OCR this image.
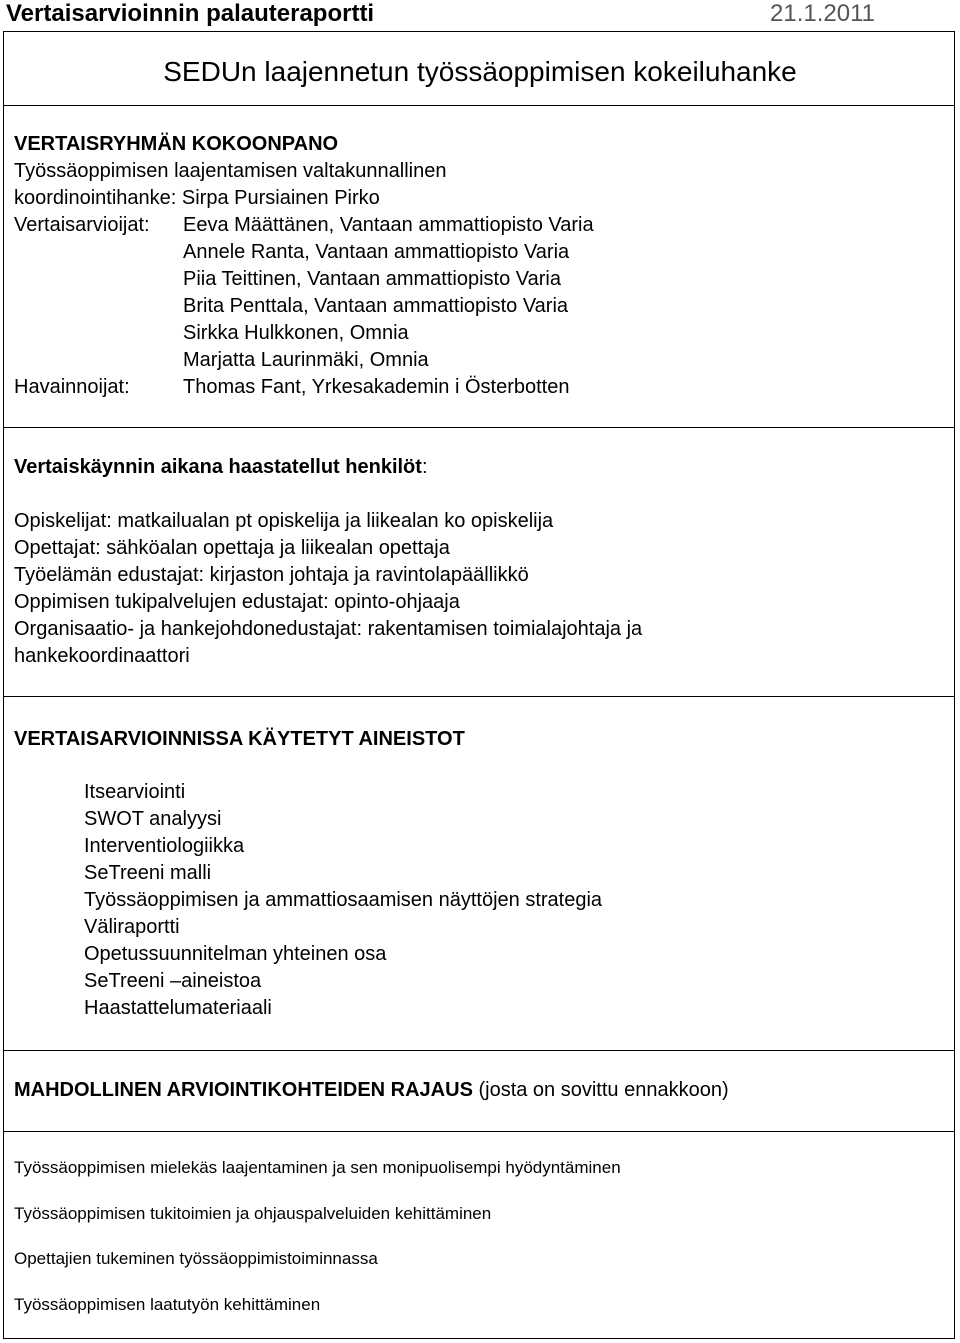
Vertaisarvioinnin palauteraportti	21.1.2011
SEDUn laajennetun työssäoppimisen kokeiluhanke
VERTAISRYHMÄN KOKOONPANO
Työssäoppimisen laajentamisen valtakunnallinen
koordinointihanke: Sirpa Pursiainen Pirko
Vertaisarvioijat: Eeva Määttänen, Vantaan ammattiopisto Varia
Annele Ranta, Vantaan ammattiopisto Varia
Piia Teittinen, Vantaan ammattiopisto Varia
Brita Penttala, Vantaan ammattiopisto Varia
Sirkka Hulkkonen, Omnia
Marjatta Laurinmäki, Omnia
Havainnoijat:	Thomas Fant, Yrkesakademin i Österbotten
Vertaiskäynnin aikana haastatellut henkilöt:
Opiskelijat: matkailualan pt opiskelija ja liikealan ko opiskelija
Opettajat: sähköalan opettaja ja liikealan opettaja
Työelämän edustajat: kirjaston johtaja ja ravintolapäällikkö
Oppimisen tukipalvelujen edustajat: opinto-ohjaaja
Organisaatio- ja hankejohdonedustajat: rakentamisen toimialajohtaja ja
hankekoordinaattori
VERTAISARVIOINNISSA KÄYTETYT AINEISTOT
Itsearviointi
SWOT analyysi
Interventiologiikka
SeTreeni malli
Työssäoppimisen ja ammattiosaamisen näyttöjen strategia
Väliraportti
Opetussuunnitelman yhteinen osa
SeTreeni –aineistoa
Haastattelumateriaali
MAHDOLLINEN ARVIOINTIKOHTEIDEN RAJAUS (josta on sovittu ennakkoon)
Työssäoppimisen mielekäs laajentaminen ja sen monipuolisempi hyödyntäminen
Työssäoppimisen tukitoimien ja ohjauspalveluiden kehittäminen
Opettajien tukeminen työssäoppimistoiminnassa
Työssäoppimisen laatutyön kehittäminen
